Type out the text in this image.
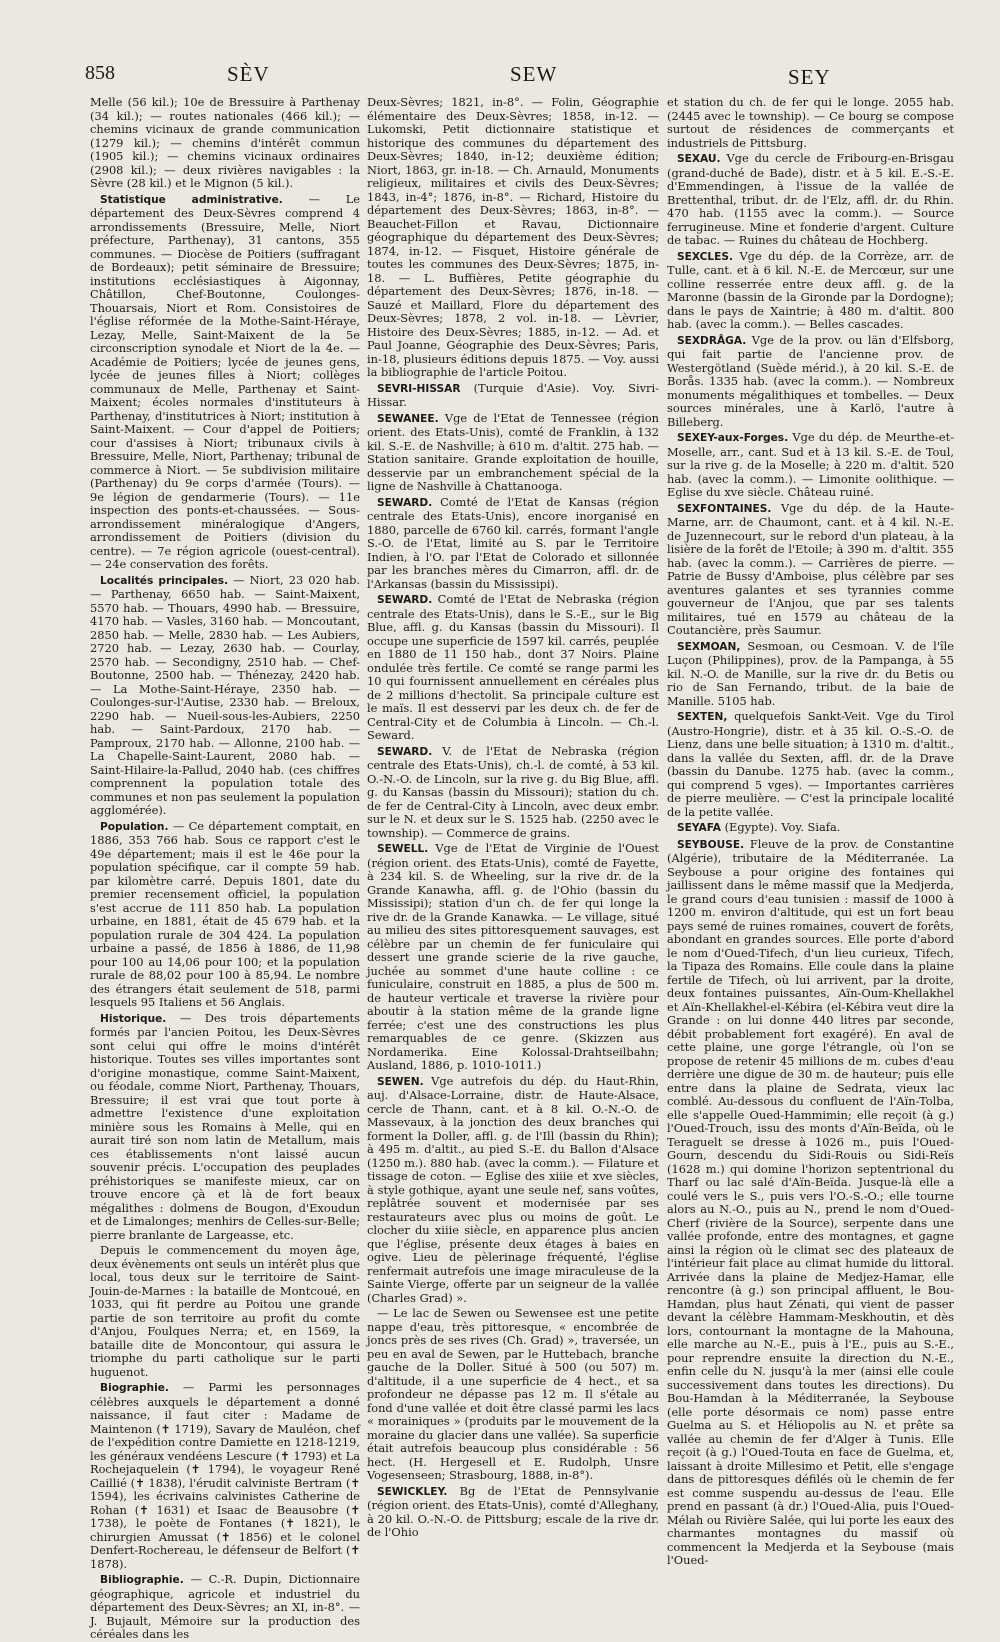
858	SÈV	SEW	SEY

Melle (56 kil.); 10e de Bressuire à Parthenay (34 kil.); — routes nationales (466 kil.); — chemins vicinaux de grande communication (1279 kil.); — chemins d'intérêt commun (1905 kil.); — chemins vicinaux ordinaires (2908 kil.); — deux rivières navigables : la Sèvre (28 kil.) et le Mignon (5 kil.).

Statistique administrative. — Le département des Deux-Sèvres comprend 4 arrondissements (Bressuire, Melle, Niort préfecture, Parthenay), 31 cantons, 355 communes. — Diocèse de Poitiers (suffragant de Bordeaux); petit séminaire de Bressuire; institutions ecclésiastiques à Aigonnay, Châtillon, Chef-Boutonne, Coulonges-Thouarsais, Niort et Rom. Consistoires de l'église réformée de la Mothe-Saint-Héraye, Lezay, Melle, Saint-Maixent de la 5e circonscription synodale et Niort de la 4e. — Académie de Poitiers; lycée de jeunes gens, lycée de jeunes filles à Niort; collèges communaux de Melle, Parthenay et Saint-Maixent; écoles normales d'instituteurs à Parthenay, d'institutrices à Niort; institution à Saint-Maixent. — Cour d'appel de Poitiers; cour d'assises à Niort; tribunaux civils à Bressuire, Melle, Niort, Parthenay; tribunal de commerce à Niort. — 5e subdivision militaire (Parthenay) du 9e corps d'armée (Tours). — 9e légion de gendarmerie (Tours). — 11e inspection des ponts-et-chaussées. — Sous-arrondissement minéralogique d'Angers, arrondissement de Poitiers (division du centre). — 7e région agricole (ouest-central). — 24e conservation des forêts.

Localités principales. — Niort, 23 020 hab. — Parthenay, 6650 hab. — Saint-Maixent, 5570 hab. — Thouars, 4990 hab. — Bressuire, 4170 hab. — Vasles, 3160 hab. — Moncoutant, 2850 hab. — Melle, 2830 hab. — Les Aubiers, 2720 hab. — Lezay, 2630 hab. — Courlay, 2570 hab. — Secondigny, 2510 hab. — Chef-Boutonne, 2500 hab. — Thénezay, 2420 hab. — La Mothe-Saint-Héraye, 2350 hab. — Coulonges-sur-l'Autise, 2330 hab. — Breloux, 2290 hab. — Nueil-sous-les-Aubiers, 2250 hab. — Saint-Pardoux, 2170 hab. — Pamproux, 2170 hab. — Allonne, 2100 hab. — La Chapelle-Saint-Laurent, 2080 hab. — Saint-Hilaire-la-Pallud, 2040 hab. (ces chiffres comprennent la population totale des communes et non pas seulement la population agglomérée).

Population. — Ce département comptait, en 1886, 353 766 hab. Sous ce rapport c'est le 49e département; mais il est le 46e pour la population spécifique, car il compte 59 hab. par kilomètre carré. Depuis 1801, date du premier recensement officiel, la population s'est accrue de 111 850 hab. La population urbaine, en 1881, était de 45 679 hab. et la population rurale de 304 424. La population urbaine a passé, de 1856 à 1886, de 11,98 pour 100 au 14,06 pour 100; et la population rurale de 88,02 pour 100 à 85,94. Le nombre des étrangers était seulement de 518, parmi lesquels 95 Italiens et 56 Anglais.

Historique. — Des trois départements formés par l'ancien Poitou, les Deux-Sèvres sont celui qui offre le moins d'intérêt historique. Toutes ses villes importantes sont d'origine monastique, comme Saint-Maixent, ou féodale, comme Niort, Parthenay, Thouars, Bressuire; il est vrai que tout porte à admettre l'existence d'une exploitation minière sous les Romains à Melle, qui en aurait tiré son nom latin de Metallum, mais ces établissements n'ont laissé aucun souvenir précis. L'occupation des peuplades préhistoriques se manifeste mieux, car on trouve encore çà et là de fort beaux mégalithes : dolmens de Bougon, d'Exoudun et de Limalonges; menhirs de Celles-sur-Belle; pierre branlante de Largeasse, etc.

Depuis le commencement du moyen âge, deux évènements ont seuls un intérêt plus que local, tous deux sur le territoire de Saint-Jouin-de-Marnes : la bataille de Montcoué, en 1033, qui fit perdre au Poitou une grande partie de son territoire au profit du comte d'Anjou, Foulques Nerra; et, en 1569, la bataille dite de Moncontour, qui assura le triomphe du parti catholique sur le parti huguenot.

Biographie. — Parmi les personnages célèbres auxquels le département a donné naissance, il faut citer : Madame de Maintenon (✝ 1719), Savary de Mauléon, chef de l'expédition contre Damiette en 1218-1219, les généraux vendéens Lescure (✝ 1793) et La Rochejaquelein (✝ 1794), le voyageur René Caillié (✝ 1838), l'érudit calviniste Bertram (✝ 1594), les écrivains calvinistes Catherine de Rohan (✝ 1631) et Isaac de Beausobre (✝ 1738), le poète de Fontanes (✝ 1821), le chirurgien Amussat (✝ 1856) et le colonel Denfert-Rochereau, le défenseur de Belfort (✝ 1878).

Bibliographie. — C.-R. Dupin, Dictionnaire géographique, agricole et industriel du département des Deux-Sèvres; an XI, in-8°. — J. Bujault, Mémoire sur la production des céréales dans les

Deux-Sèvres; 1821, in-8°. — Folin, Géographie élémentaire des Deux-Sèvres; 1858, in-12. — Lukomski, Petit dictionnaire statistique et historique des communes du département des Deux-Sèvres; 1840, in-12; deuxième édition; Niort, 1863, gr. in-18. — Ch. Arnauld, Monuments religieux, militaires et civils des Deux-Sèvres; 1843, in-4°; 1876, in-8°. — Richard, Histoire du département des Deux-Sèvres; 1863, in-8°. — Beauchet-Fillon et Ravau, Dictionnaire géographique du département des Deux-Sèvres; 1874, in-12. — Fisquet, Histoire générale de toutes les communes des Deux-Sèvres; 1875, in-18. — L. Buffières, Petite géographie du département des Deux-Sèvres; 1876, in-18. — Sauzé et Maillard, Flore du département des Deux-Sèvres; 1878, 2 vol. in-18. — Lèvrier, Histoire des Deux-Sèvres; 1885, in-12. — Ad. et Paul Joanne, Géographie des Deux-Sèvres; Paris, in-18, plusieurs éditions depuis 1875. — Voy. aussi la bibliographie de l'article Poitou.

SEVRI-HISSAR (Turquie d'Asie). Voy. Sivri-Hissar.

SEWANEE. Vge de l'Etat de Tennessee (région orient. des Etats-Unis), comté de Franklin, à 132 kil. S.-E. de Nashville; à 610 m. d'altit. 275 hab. — Station sanitaire. Grande exploitation de houille, desservie par un embranchement spécial de la ligne de Nashville à Chattanooga.

SEWARD. Comté de l'Etat de Kansas (région centrale des Etats-Unis), encore inorganisé en 1880, parcelle de 6760 kil. carrés, formant l'angle S.-O. de l'Etat, limité au S. par le Territoire Indien, à l'O. par l'Etat de Colorado et sillonnée par les branches mères du Cimarron, affl. dr. de l'Arkansas (bassin du Mississipi).

SEWARD. Comté de l'Etat de Nebraska (région centrale des Etats-Unis), dans le S.-E., sur le Big Blue, affl. g. du Kansas (bassin du Missouri). Il occupe une superficie de 1597 kil. carrés, peuplée en 1880 de 11 150 hab., dont 37 Noirs. Plaine ondulée très fertile. Ce comté se range parmi les 10 qui fournissent annuellement en céréales plus de 2 millions d'hectolit. Sa principale culture est le maïs. Il est desservi par les deux ch. de fer de Central-City et de Columbia à Lincoln. — Ch.-l. Seward.

SEWARD. V. de l'Etat de Nebraska (région centrale des Etats-Unis), ch.-l. de comté, à 53 kil. O.-N.-O. de Lincoln, sur la rive g. du Big Blue, affl. g. du Kansas (bassin du Missouri); station du ch. de fer de Central-City à Lincoln, avec deux embr. sur le N. et deux sur le S. 1525 hab. (2250 avec le township). — Commerce de grains.

SEWELL. Vge de l'Etat de Virginie de l'Ouest (région orient. des Etats-Unis), comté de Fayette, à 234 kil. S. de Wheeling, sur la rive dr. de la Grande Kanawha, affl. g. de l'Ohio (bassin du Mississipi); station d'un ch. de fer qui longe la rive dr. de la Grande Kanawka. — Le village, situé au milieu des sites pittoresquement sauvages, est célèbre par un chemin de fer funiculaire qui dessert une grande scierie de la rive gauche, juchée au sommet d'une haute colline : ce funiculaire, construit en 1885, a plus de 500 m. de hauteur verticale et traverse la rivière pour aboutir à la station même de la grande ligne ferrée; c'est une des constructions les plus remarquables de ce genre. (Skizzen aus Nordamerika. Eine Kolossal-Drahtseilbahn; Ausland, 1886, p. 1010-1011.)

SEWEN. Vge autrefois du dép. du Haut-Rhin, auj. d'Alsace-Lorraine, distr. de Haute-Alsace, cercle de Thann, cant. et à 8 kil. O.-N.-O. de Massevaux, à la jonction des deux branches qui forment la Doller, affl. g. de l'Ill (bassin du Rhin); à 495 m. d'altit., au pied S.-E. du Ballon d'Alsace (1250 m.). 880 hab. (avec la comm.). — Filature et tissage de coton. — Eglise des xiiie et xve siècles, à style gothique, ayant une seule nef, sans voûtes, replâtrée souvent et modernisée par ses restaurateurs avec plus ou moins de goût. Le clocher du xiiie siècle, en apparence plus ancien que l'église, présente deux étages à baies en ogive. Lieu de pèlerinage fréquenté, l'église renfermait autrefois une image miraculeuse de la Sainte Vierge, offerte par un seigneur de la vallée (Charles Grad) ».

— Le lac de Sewen ou Sewensee est une petite nappe d'eau, très pittoresque, « encombrée de joncs près de ses rives (Ch. Grad) », traversée, un peu en aval de Sewen, par le Huttebach, branche gauche de la Doller. Situé à 500 (ou 507) m. d'altitude, il a une superficie de 4 hect., et sa profondeur ne dépasse pas 12 m. Il s'étale au fond d'une vallée et doit être classé parmi les lacs « morainiques » (produits par le mouvement de la moraine du glacier dans une vallée). Sa superficie était autrefois beaucoup plus considérable : 56 hect. (H. Hergesell et E. Rudolph, Unsre Vogesenseen; Strasbourg, 1888, in-8°).

SEWICKLEY. Bg de l'Etat de Pennsylvanie (région orient. des Etats-Unis), comté d'Alleghany, à 20 kil. O.-N.-O. de Pittsburg; escale de la rive dr. de l'Ohio

et station du ch. de fer qui le longe. 2055 hab. (2445 avec le township). — Ce bourg se compose surtout de résidences de commerçants et industriels de Pittsburg.

SEXAU. Vge du cercle de Fribourg-en-Brisgau (grand-duché de Bade), distr. et à 5 kil. E.-S.-E. d'Emmendingen, à l'issue de la vallée de Brettenthal, tribut. dr. de l'Elz, affl. dr. du Rhin. 470 hab. (1155 avec la comm.). — Source ferrugineuse. Mine et fonderie d'argent. Culture de tabac. — Ruines du château de Hochberg.

SEXCLES. Vge du dép. de la Corrèze, arr. de Tulle, cant. et à 6 kil. N.-E. de Mercœur, sur une colline resserrée entre deux affl. g. de la Maronne (bassin de la Gironde par la Dordogne); dans le pays de Xaintrie; à 480 m. d'altit. 800 hab. (avec la comm.). — Belles cascades.

SEXDRÅGA. Vge de la prov. ou län d'Elfsborg, qui fait partie de l'ancienne prov. de Westergötland (Suède mérid.), à 20 kil. S.-E. de Borås. 1335 hab. (avec la comm.). — Nombreux monuments mégalithiques et tombelles. — Deux sources minérales, une à Karlö, l'autre à Billeberg.

SEXEY-aux-Forges. Vge du dép. de Meurthe-et-Moselle, arr., cant. Sud et à 13 kil. S.-E. de Toul, sur la rive g. de la Moselle; à 220 m. d'altit. 520 hab. (avec la comm.). — Limonite oolithique. — Eglise du xve siècle. Château ruiné.

SEXFONTAINES. Vge du dép. de la Haute-Marne, arr. de Chaumont, cant. et à 4 kil. N.-E. de Juzennecourt, sur le rebord d'un plateau, à la lisière de la forêt de l'Etoile; à 390 m. d'altit. 355 hab. (avec la comm.). — Carrières de pierre. — Patrie de Bussy d'Amboise, plus célèbre par ses aventures galantes et ses tyrannies comme gouverneur de l'Anjou, que par ses talents militaires, tué en 1579 au château de la Coutancière, près Saumur.

SEXMOAN, Sesmoan, ou Cesmoan. V. de l'île Luçon (Philippines), prov. de la Pampanga, à 55 kil. N.-O. de Manille, sur la rive dr. du Betis ou rio de San Fernando, tribut. de la baie de Manille. 5105 hab.

SEXTEN, quelquefois Sankt-Veit. Vge du Tirol (Austro-Hongrie), distr. et à 35 kil. O.-S.-O. de Lienz, dans une belle situation; à 1310 m. d'altit., dans la vallée du Sexten, affl. dr. de la Drave (bassin du Danube. 1275 hab. (avec la comm., qui comprend 5 vges). — Importantes carrières de pierre meulière. — C'est la principale localité de la petite vallée.

SEYAFA (Egypte). Voy. Siafa.

SEYBOUSE. Fleuve de la prov. de Constantine (Algérie), tributaire de la Méditerranée. La Seybouse a pour origine des fontaines qui jaillissent dans le même massif que la Medjerda, le grand cours d'eau tunisien : massif de 1000 à 1200 m. environ d'altitude, qui est un fort beau pays semé de ruines romaines, couvert de forêts, abondant en grandes sources. Elle porte d'abord le nom d'Oued-Tifech, d'un lieu curieux, Tifech, la Tipaza des Romains. Elle coule dans la plaine fertile de Tifech, où lui arrivent, par la droite, deux fontaines puissantes, Aïn-Oum-Khellakhel et Aïn-Khellakhel-el-Kébira (el-Kébira veut dire la Grande : on lui donne 440 litres par seconde, débit probablement fort exagéré). En aval de cette plaine, une gorge l'étrangle, où l'on se propose de retenir 45 millions de m. cubes d'eau derrière une digue de 30 m. de hauteur; puis elle entre dans la plaine de Sedrata, vieux lac comblé. Au-dessous du confluent de l'Aïn-Tolba, elle s'appelle Oued-Hammimin; elle reçoit (à g.) l'Oued-Trouch, issu des monts d'Aïn-Beïda, où le Teraguelt se dresse à 1026 m., puis l'Oued-Gourn, descendu du Sidi-Rouis ou Sidi-Reïs (1628 m.) qui domine l'horizon septentrional du Tharf ou lac salé d'Aïn-Beïda. Jusque-là elle a coulé vers le S., puis vers l'O.-S.-O.; elle tourne alors au N.-O., puis au N., prend le nom d'Oued-Cherf (rivière de la Source), serpente dans une vallée profonde, entre des montagnes, et gagne ainsi la région où le climat sec des plateaux de l'intérieur fait place au climat humide du littoral. Arrivée dans la plaine de Medjez-Hamar, elle rencontre (à g.) son principal affluent, le Bou-Hamdan, plus haut Zénati, qui vient de passer devant la célèbre Hammam-Meskhoutin, et dès lors, contournant la montagne de la Mahouna, elle marche au N.-E., puis à l'E., puis au S.-E., pour reprendre ensuite la direction du N.-E., enfin celle du N. jusqu'à la mer (ainsi elle coule successivement dans toutes les directions). Du Bou-Hamdan à la Méditerranée, la Seybouse (elle porte désormais ce nom) passe entre Guelma au S. et Héliopolis au N. et prête sa vallée au chemin de fer d'Alger à Tunis. Elle reçoit (à g.) l'Oued-Touta en face de Guelma, et, laissant à droite Millesimo et Petit, elle s'engage dans de pittoresques défilés où le chemin de fer est comme suspendu au-dessus de l'eau. Elle prend en passant (à dr.) l'Oued-Alia, puis l'Oued-Mélah ou Rivière Salée, qui lui porte les eaux des charmantes montagnes du massif où commencent la Medjerda et la Seybouse (mais l'Oued-
